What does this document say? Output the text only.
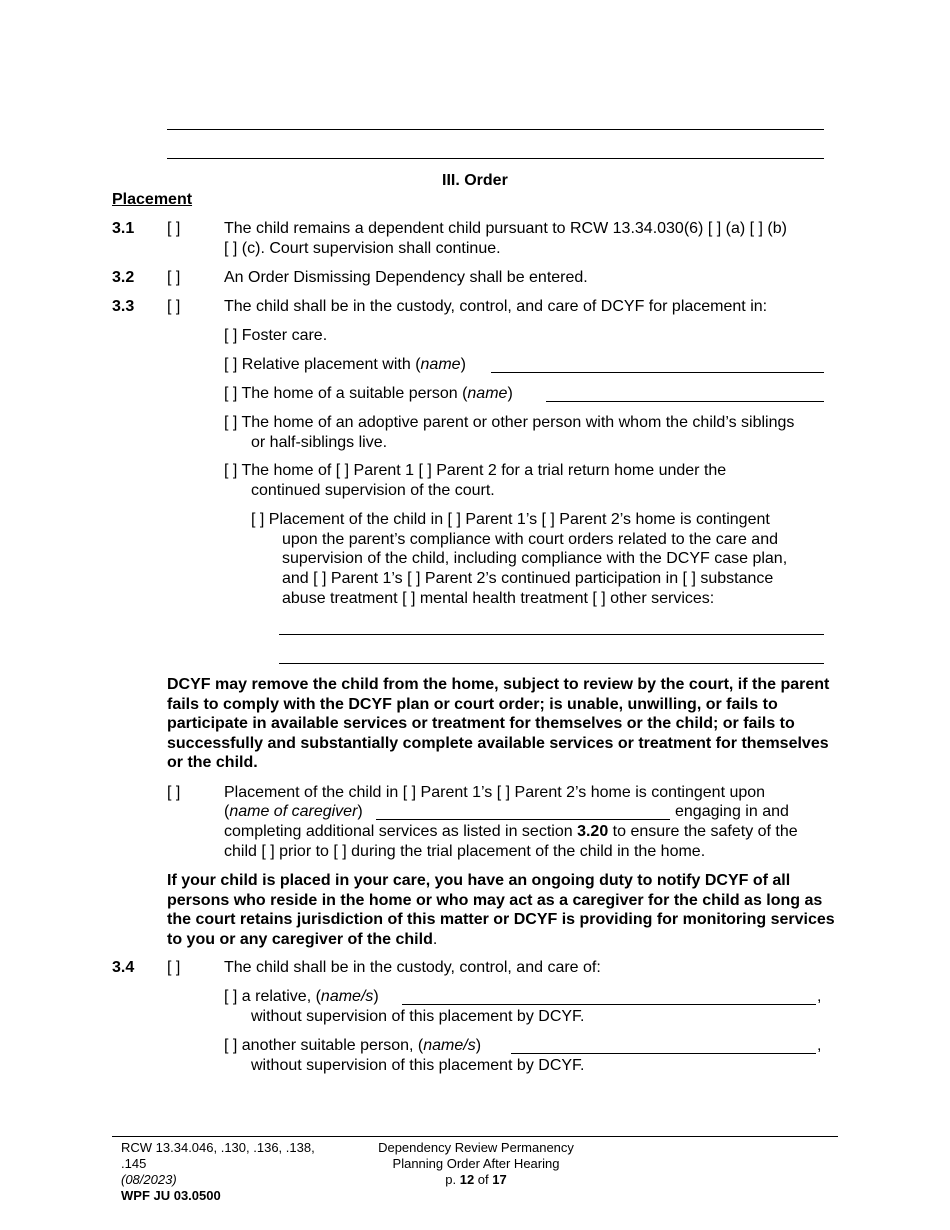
III. Order
Placement
3.1 [ ]	The child remains a dependent child pursuant to RCW 13.34.030(6) [ ] (a) [ ] (b)
[ ] (c). Court supervision shall continue.
3.2 [ ]	An Order Dismissing Dependency shall be entered.
3.3 [ ]	The child shall be in the custody, control, and care of DCYF for placement in:
[ ] Foster care.
[ ] Relative placement with (name)
[ ] The home of a suitable person (name)
[ ] The home of an adoptive parent or other person with whom the child’s siblings
or half-siblings live.
[ ] The home of [ ] Parent 1 [ ] Parent 2 for a trial return home under the
continued supervision of the court.
[ ] Placement of the child in [ ] Parent 1’s [ ] Parent 2’s home is contingent
upon the parent’s compliance with court orders related to the care and
supervision of the child, including compliance with the DCYF case plan,
and [ ] Parent 1’s [ ] Parent 2’s continued participation in [ ] substance
abuse treatment [ ] mental health treatment [ ] other services:
DCYF may remove the child from the home, subject to review by the court, if the parent fails to comply with the DCYF plan or court order; is unable, unwilling, or fails to participate in available services or treatment for themselves or the child; or fails to successfully and substantially complete available services or treatment for themselves or the child.
[ ]	Placement of the child in [ ] Parent 1’s [ ] Parent 2’s home is contingent upon
(name of caregiver)	engaging in and
completing additional services as listed in section 3.20 to ensure the safety of the
child [ ] prior to [ ] during the trial placement of the child in the home.
If your child is placed in your care, you have an ongoing duty to notify DCYF of all persons who reside in the home or who may act as a caregiver for the child as long as the court retains jurisdiction of this matter or DCYF is providing for monitoring services to you or any caregiver of the child.
3.4 [ ]	The child shall be in the custody, control, and care of:
[ ] a relative, (name/s)	,
without supervision of this placement by DCYF.
[ ] another suitable person, (name/s)	,
without supervision of this placement by DCYF.
RCW 13.34.046, .130, .136, .138,
.145
(08/2023)
WPF JU 03.0500
Dependency Review Permanency
Planning Order After Hearing
p. 12 of 17
